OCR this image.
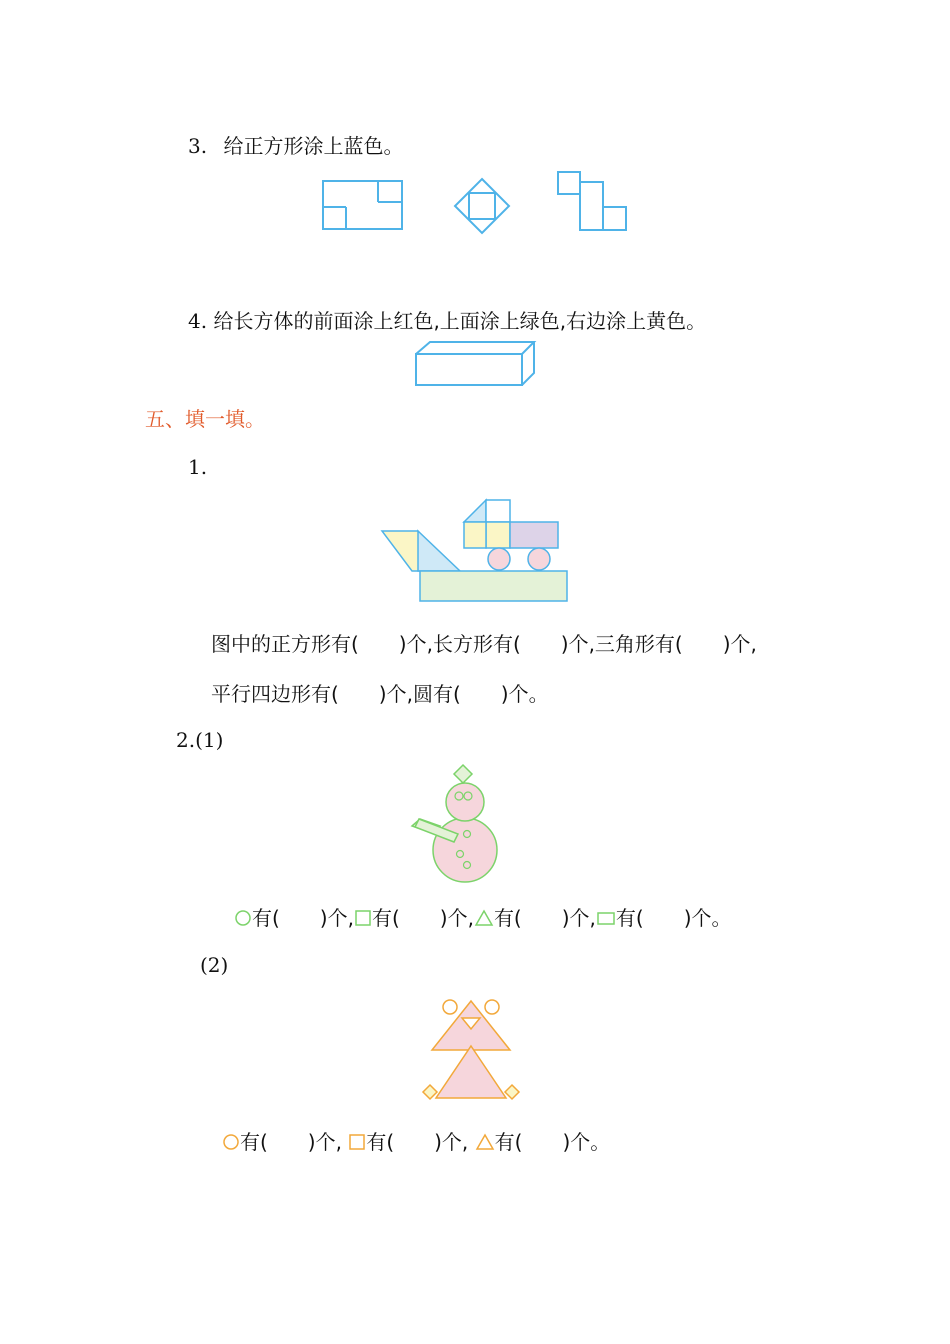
3. 给正方形涂上蓝色。
4. 给长方体的前面涂上红色,上面涂上绿色,右边涂上黄色。
五、填一填。
1.
图中的正方形有(　　)个,长方形有(　　)个,三角形有(　　)个,
平行四边形有(　　)个,圆有(　　)个。
2.(1)
有(　　)个, 有(　　)个, 有(　　)个, 有(　　)个。
(2)
有(　　)个, 有(　　)个, 有(　　)个。
